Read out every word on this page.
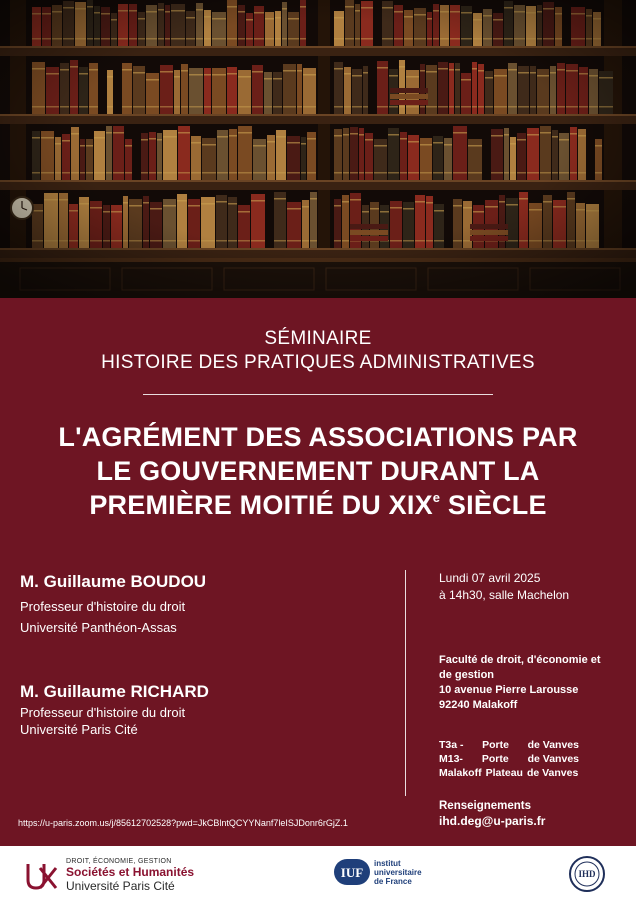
SÉMINAIRE
HISTOIRE DES PRATIQUES ADMINISTRATIVES
L'AGRÉMENT DES ASSOCIATIONS PAR
LE GOUVERNEMENT DURANT LA
PREMIÈRE MOITIÉ DU XIXe SIÈCLE
M. Guillaume BOUDOU
Professeur d'histoire du droit
Université Panthéon-Assas
M. Guillaume RICHARD
Professeur d'histoire du droit
Université Paris Cité
Lundi 07 avril 2025
à 14h30, salle Machelon
Faculté de droit, d'économie et
de gestion
10 avenue Pierre Larousse
92240 Malakoff
T3a - Porte de Vanves
M13- Porte de Vanves
Malakoff Plateau de Vanves
Renseignements
ihd.deg@u-paris.fr
https://u-paris.zoom.us/j/85612702528?pwd=JkCBlntQCYYNanf7leISJDonr6rGjZ.1
DROIT, ÉCONOMIE, GESTION
Sociétés et Humanités
Université Paris Cité
IUF
institut
universitaire
de France
IHD
